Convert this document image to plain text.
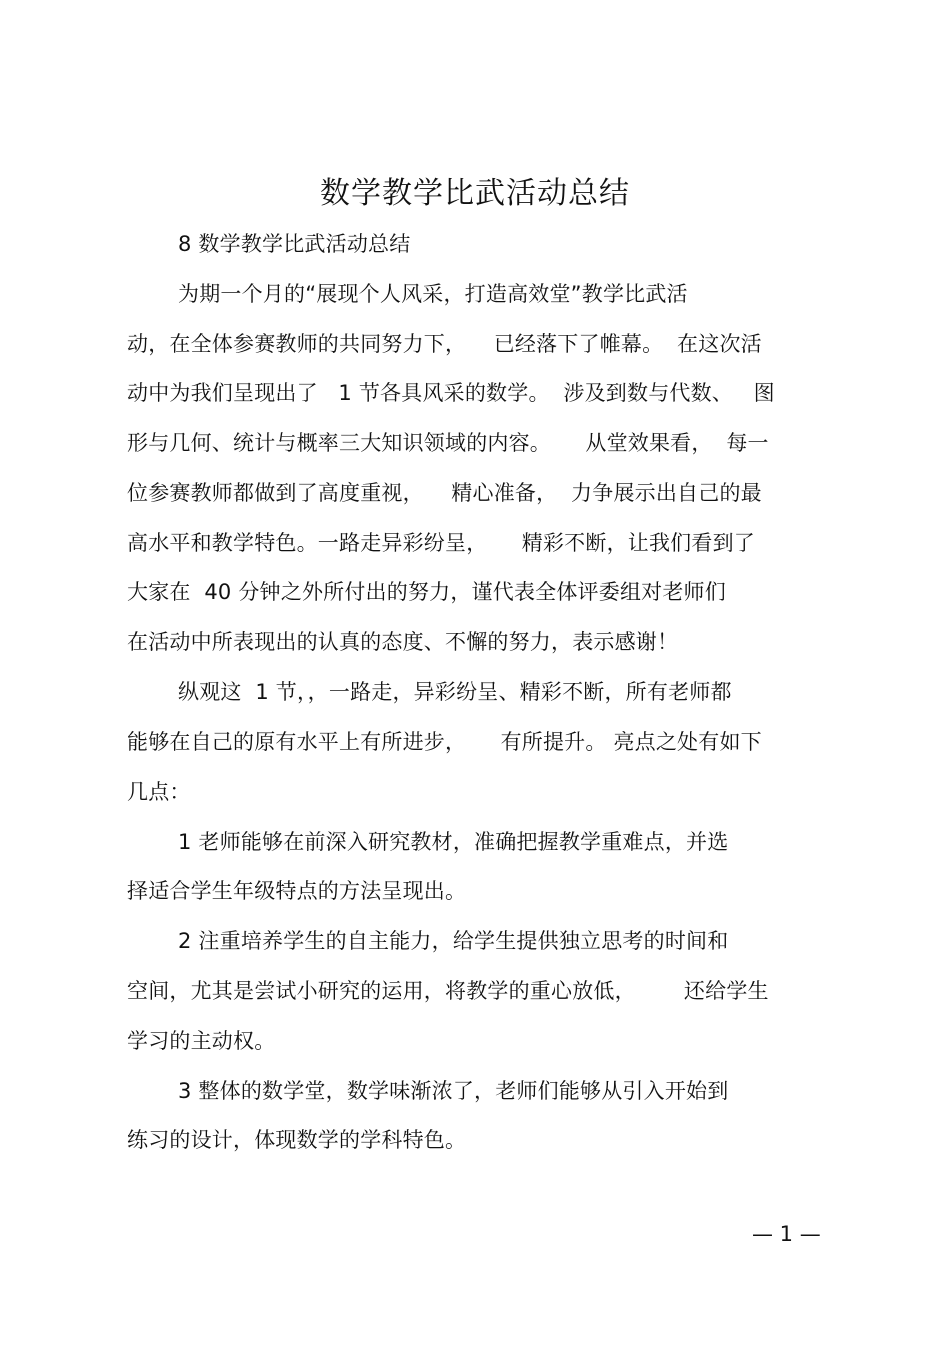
数学教学比武活动总结
8 数学教学比武活动总结
为期一个月的“展现个人风采，打造高效堂”教学比武活
动，在全体参赛教师的共同努力下，    已经落下了帷幕。  在这次活
动中为我们呈现出了   1 节各具风采的数学。  涉及到数与代数、   图
形与几何、统计与概率三大知识领域的内容。     从堂效果看，  每一
位参赛教师都做到了高度重视，    精心准备，  力争展示出自己的最
高水平和教学特色。一路走异彩纷呈，     精彩不断，让我们看到了
大家在  40 分钟之外所付出的努力，谨代表全体评委组对老师们
在活动中所表现出的认真的态度、不懈的努力，表示感谢！
纵观这  1 节，，一路走，异彩纷呈、精彩不断，所有老师都
能够在自己的原有水平上有所进步，     有所提升。 亮点之处有如下
几点：
1 老师能够在前深入研究教材，准确把握教学重难点，并选
择适合学生年级特点的方法呈现出。
2 注重培养学生的自主能力，给学生提供独立思考的时间和
空间，尤其是尝试小研究的运用，将教学的重心放低，       还给学生
学习的主动权。
3 整体的数学堂，数学味渐浓了，老师们能够从引入开始到
练习的设计，体现数学的学科特色。
— 1 —
